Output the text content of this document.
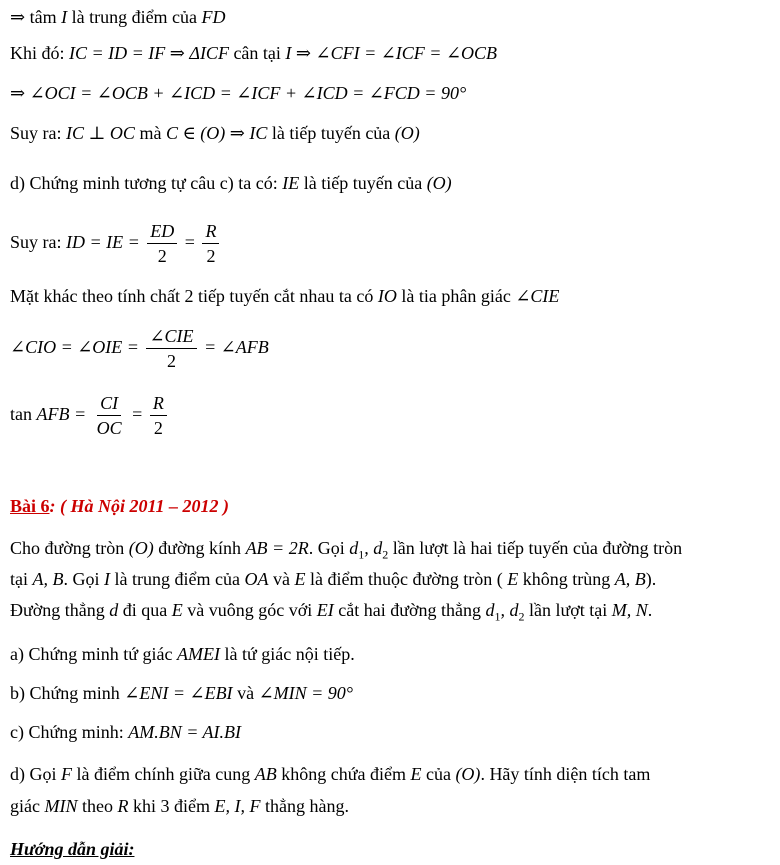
⇒ tâm I là trung điểm của FD
Khi đó: IC = ID = IF ⇒ ΔICF cân tại I ⇒ ∠CFI = ∠ICF = ∠OCB
⇒ ∠OCI = ∠OCB + ∠ICD = ∠ICF + ∠ICD = ∠FCD = 90°
Suy ra: IC ⊥ OC mà C ∈ (O) ⇒ IC là tiếp tuyến của (O)
d) Chứng minh tương tự câu c) ta có: IE là tiếp tuyến của (O)
Suy ra: ID = IE = $\frac{ED}{2} = \frac{R}{2}$
Mặt khác theo tính chất 2 tiếp tuyến cắt nhau ta có IO là tia phân giác ∠CIE
∠CIO = ∠OIE = $\frac{\text{∠CIE}}{2}$ = ∠AFB
tan AFB = $\frac{CI}{OC} = \frac{R}{2}$
Bài 6: ( Hà Nội 2011 – 2012 )
Cho đường tròn (O) đường kính AB = 2R. Gọi $d_1$, $d_2$ lần lượt là hai tiếp tuyến của đường tròn
tại A, B. Gọi I là trung điểm của OA và E là điểm thuộc đường tròn ( E không trùng A, B).
Đường thẳng d đi qua E và vuông góc với EI cắt hai đường thẳng $d_1$, $d_2$ lần lượt tại M, N.
a) Chứng minh tứ giác AMEI là tứ giác nội tiếp.
b) Chứng minh ∠ENI = ∠EBI và ∠MIN = 90°
c) Chứng minh: AM.BN = AI.BI
d) Gọi F là điểm chính giữa cung AB không chứa điểm E của (O). Hãy tính diện tích tam
giác MIN theo R khi 3 điểm E, I, F thẳng hàng.
Hướng dẫn giải:
